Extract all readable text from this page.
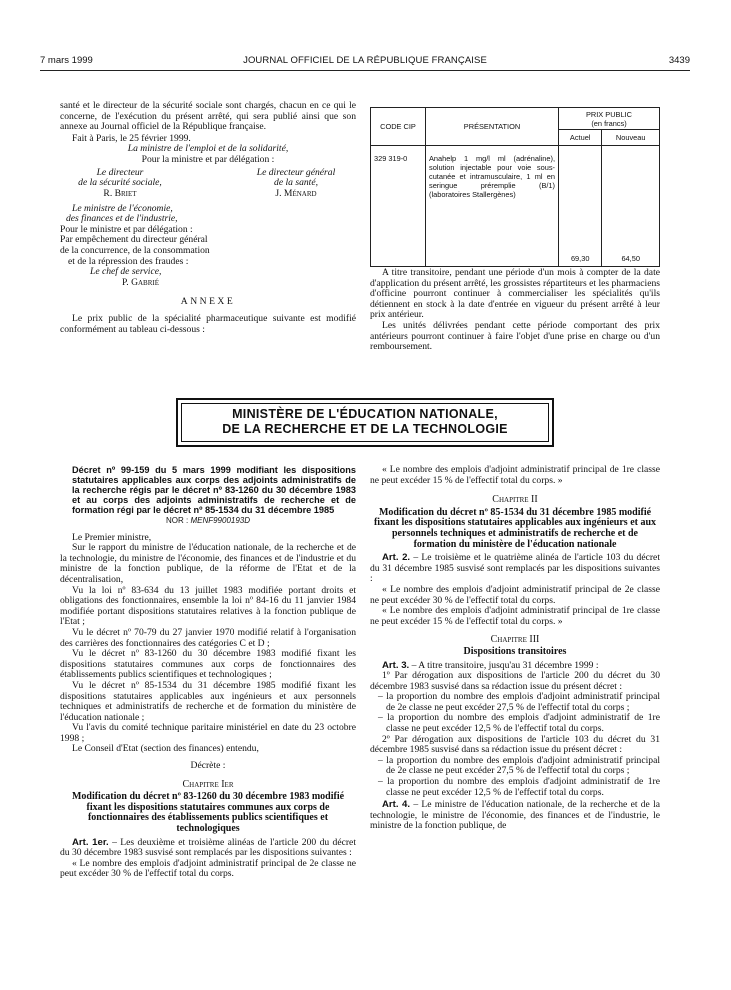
7 mars 1999	JOURNAL OFFICIEL DE LA RÉPUBLIQUE FRANÇAISE	3439

santé et le directeur de la sécurité sociale sont chargés, chacun en ce qui le concerne, de l'exécution du présent arrêté, qui sera publié ainsi que son annexe au Journal officiel de la République française.

Fait à Paris, le 25 février 1999.

La ministre de l'emploi et de la solidarité,

Pour la ministre et par délégation :

Le directeur
de la sécurité sociale,
R. Briet
Le directeur général
de la santé,
J. Ménard

Le ministre de l'économie,

des finances et de l'industrie,

Pour le ministre et par délégation :

Par empêchement du directeur général

de la concurrence, de la consommation

et de la répression des fraudes :

Le chef de service,

P. Gabrié

ANNEXE

Le prix public de la spécialité pharmaceutique suivante est modifié conformément au tableau ci-dessous :

CODE CIP	PRÉSENTATION	PRIX PUBLIC
(en francs)	

		Actuel	Nouveau
329 319-0	Anahelp 1 mg/l ml (adrénaline), solution injectable pour voie sous-cutanée et intramusculaire, 1 ml en seringue préremplie (B/1) (laboratoires Stallergènes)	69,30	64,50

A titre transitoire, pendant une période d'un mois à compter de la date d'application du présent arrêté, les grossistes répartiteurs et les pharmaciens d'officine pourront continuer à commercialiser les spécialités qu'ils détiennent en stock à la date d'entrée en vigueur du présent arrêté à leur prix antérieur.

Les unités délivrées pendant cette période comportant des prix antérieurs pourront continuer à faire l'objet d'une prise en charge ou d'un remboursement.

MINISTÈRE DE L'ÉDUCATION NATIONALE,
DE LA RECHERCHE ET DE LA TECHNOLOGIE

Décret nº 99-159 du 5 mars 1999 modifiant les dispositions statutaires applicables aux corps des adjoints administratifs de la recherche régis par le décret nº 83-1260 du 30 décembre 1983 et au corps des adjoints administratifs de recherche et de formation régi par le décret nº 85-1534 du 31 décembre 1985

NOR : MENF9900193D

Le Premier ministre,

Sur le rapport du ministre de l'éducation nationale, de la recherche et de la technologie, du ministre de l'économie, des finances et de l'industrie et du ministre de la fonction publique, de la réforme de l'Etat et de la décentralisation,

Vu la loi nº 83-634 du 13 juillet 1983 modifiée portant droits et obligations des fonctionnaires, ensemble la loi nº 84-16 du 11 janvier 1984 modifiée portant dispositions statutaires relatives à la fonction publique de l'Etat ;

Vu le décret nº 70-79 du 27 janvier 1970 modifié relatif à l'organisation des carrières des fonctionnaires des catégories C et D ;

Vu le décret nº 83-1260 du 30 décembre 1983 modifié fixant les dispositions statutaires communes aux corps de fonctionnaires des établissements publics scientifiques et technologiques ;

Vu le décret nº 85-1534 du 31 décembre 1985 modifié fixant les dispositions statutaires applicables aux ingénieurs et aux personnels techniques et administratifs de recherche et de formation du ministère de l'éducation nationale ;

Vu l'avis du comité technique paritaire ministériel en date du 23 octobre 1998 ;

Le Conseil d'Etat (section des finances) entendu,

Décrète :

Chapitre Ier

Modification du décret nº 83-1260 du 30 décembre 1983 modifié fixant les dispositions statutaires communes aux corps de fonctionnaires des établissements publics scientifiques et technologiques

Art. 1er. – Les deuxième et troisième alinéas de l'article 200 du décret du 30 décembre 1983 susvisé sont remplacés par les dispositions suivantes :

« Le nombre des emplois d'adjoint administratif principal de 2e classe ne peut excéder 30 % de l'effectif total du corps.

« Le nombre des emplois d'adjoint administratif principal de 1re classe ne peut excéder 15 % de l'effectif total du corps. »

Chapitre II

Modification du décret nº 85-1534 du 31 décembre 1985 modifié fixant les dispositions statutaires applicables aux ingénieurs et aux personnels techniques et administratifs de recherche et de formation du ministère de l'éducation nationale

Art. 2. – Le troisième et le quatrième alinéa de l'article 103 du décret du 31 décembre 1985 susvisé sont remplacés par les dispositions suivantes :

« Le nombre des emplois d'adjoint administratif principal de 2e classe ne peut excéder 30 % de l'effectif total du corps.

« Le nombre des emplois d'adjoint administratif principal de 1re classe ne peut excéder 15 % de l'effectif total du corps. »

Chapitre III

Dispositions transitoires

Art. 3. – A titre transitoire, jusqu'au 31 décembre 1999 :

1º Par dérogation aux dispositions de l'article 200 du décret du 30 décembre 1983 susvisé dans sa rédaction issue du présent décret :

– la proportion du nombre des emplois d'adjoint administratif principal de 2e classe ne peut excéder 27,5 % de l'effectif total du corps ;

– la proportion du nombre des emplois d'adjoint administratif de 1re classe ne peut excéder 12,5 % de l'effectif total du corps.

2º Par dérogation aux dispositions de l'article 103 du décret du 31 décembre 1985 susvisé dans sa rédaction issue du présent décret :

– la proportion du nombre des emplois d'adjoint administratif principal de 2e classe ne peut excéder 27,5 % de l'effectif total du corps ;

– la proportion du nombre des emplois d'adjoint administratif de 1re classe ne peut excéder 12,5 % de l'effectif total du corps.

Art. 4. – Le ministre de l'éducation nationale, de la recherche et de la technologie, le ministre de l'économie, des finances et de l'industrie, le ministre de la fonction publique, de
